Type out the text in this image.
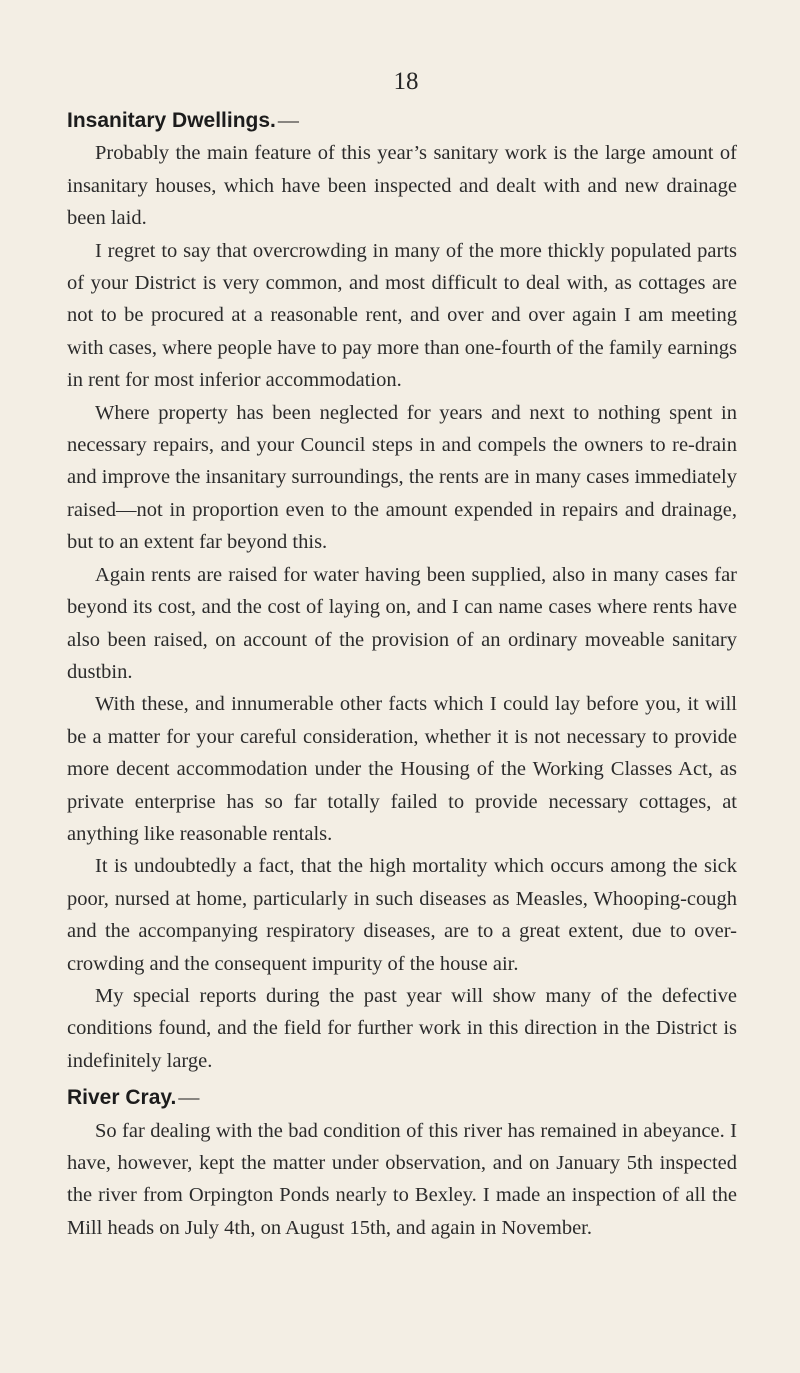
18
Insanitary Dwellings. —

Probably the main feature of this year’s sanitary work is the large amount of insanitary houses, which have been inspected and dealt with and new drainage been laid.

I regret to say that overcrowding in many of the more thickly populated parts of your District is very common, and most difficult to deal with, as cottages are not to be procured at a reasonable rent, and over and over again I am meeting with cases, where people have to pay more than one-fourth of the family earnings in rent for most inferior accommodation.

Where property has been neglected for years and next to nothing spent in necessary repairs, and your Council steps in and compels the owners to re-drain and improve the insanitary surroundings, the rents are in many cases immediately raised—not in proportion even to the amount expended in repairs and drainage, but to an extent far beyond this.

Again rents are raised for water having been supplied, also in many cases far beyond its cost, and the cost of laying on, and I can name cases where rents have also been raised, on account of the provision of an ordinary moveable sanitary dustbin.

With these, and innumerable other facts which I could lay before you, it will be a matter for your careful consideration, whether it is not necessary to provide more decent accommodation under the Housing of the Working Classes Act, as private enterprise has so far totally failed to provide necessary cottages, at anything like reasonable rentals.

It is undoubtedly a fact, that the high mortality which occurs among the sick poor, nursed at home, particularly in such diseases as Measles, Whooping-cough and the accompanying respiratory diseases, are to a great extent, due to over-crowding and the consequent impurity of the house air.

My special reports during the past year will show many of the defective conditions found, and the field for further work in this direction in the District is indefinitely large.

River Cray. —

So far dealing with the bad condition of this river has remained in abeyance. I have, however, kept the matter under observation, and on January 5th inspected the river from Orpington Ponds nearly to Bexley. I made an inspection of all the Mill heads on July 4th, on August 15th, and again in November.
